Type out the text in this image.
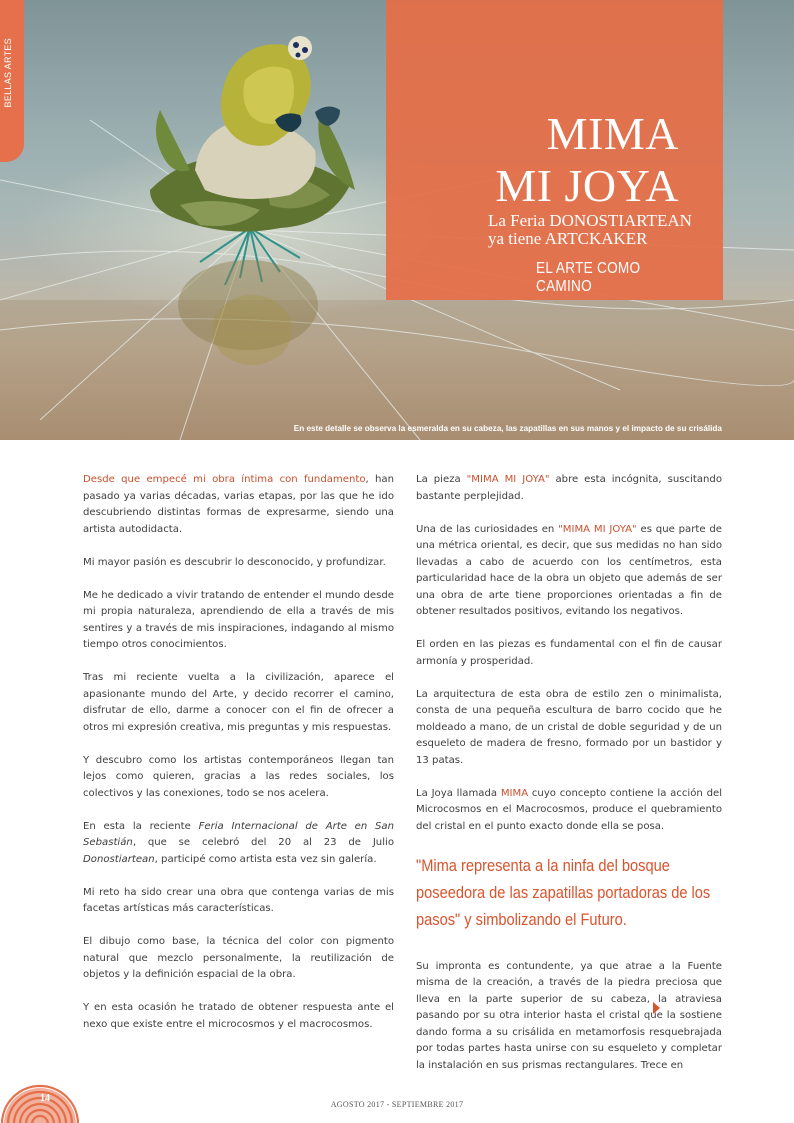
BELLAS ARTES
MIMA
MI JOYA
La Feria DONOSTIARTEAN
ya tiene ARTCKAKER
EL ARTE COMO CAMINO
En este detalle se observa la esmeralda en su cabeza, las zapatillas en sus manos y el impacto de su crisálida

Desde que empecé mi obra íntima con fundamento, han pasado ya varias décadas, varias etapas, por las que he ido descubriendo distintas formas de expresarme, siendo una artista autodidacta.

Mi mayor pasión es descubrir lo desconocido, y profundizar.

Me he dedicado a vivir tratando de entender el mundo desde mi propia naturaleza, aprendiendo de ella a través de mis sentires y a través de mis inspiraciones, indagando al mismo tiempo otros conocimientos.

Tras mi reciente vuelta a la civilización, aparece el apasionante mundo del Arte, y decido recorrer el camino, disfrutar de ello, darme a conocer con el fin de ofrecer a otros mi expresión creativa, mis preguntas y mis respuestas.

Y descubro como los artistas contemporáneos llegan tan lejos como quieren, gracias a las redes sociales, los colectivos y las conexiones, todo se nos acelera.

En esta la reciente Feria Internacional de Arte en San Sebastián, que se celebró del 20 al 23 de Julio Donostiartean, participé como artista esta vez sin galería.

Mi reto ha sido crear una obra que contenga varias de mis facetas artísticas más características.

El dibujo como base, la técnica del color con pigmento natural que mezclo personalmente, la reutilización de objetos y la definición espacial de la obra.

Y en esta ocasión he tratado de obtener respuesta ante el nexo que existe entre el microcosmos y el macrocosmos.

La pieza "MIMA MI JOYA" abre esta incógnita, suscitando bastante perplejidad.

Una de las curiosidades en "MIMA MI JOYA" es que parte de una métrica oriental, es decir, que sus medidas no han sido llevadas a cabo de acuerdo con los centímetros, esta particularidad hace de la obra un objeto que además de ser una obra de arte tiene proporciones orientadas a fin de obtener resultados positivos, evitando los negativos.

El orden en las piezas es fundamental con el fin de causar armonía y prosperidad.

La arquitectura de esta obra de estilo zen o minimalista, consta de una pequeña escultura de barro cocido que he moldeado a mano, de un cristal de doble seguridad y de un esqueleto de madera de fresno, formado por un bastidor y 13 patas.

La Joya llamada MIMA cuyo concepto contiene la acción del Microcosmos en el Macrocosmos, produce el quebramiento del cristal en el punto exacto donde ella se posa.

"Mima representa a la ninfa del bosque poseedora de las zapatillas portadoras de los pasos" y simbolizando el Futuro.

Su impronta es contundente, ya que atrae a la Fuente misma de la creación, a través de la piedra preciosa que lleva en la parte superior de su cabeza, la atraviesa pasando por su otra interior hasta el cristal que la sostiene dando forma a su crisálida en metamorfosis resquebrajada por todas partes hasta unirse con su esqueleto y completar la instalación en sus prismas rectangulares. Trece en

14
AGOSTO 2017 - SEPTIEMBRE 2017
